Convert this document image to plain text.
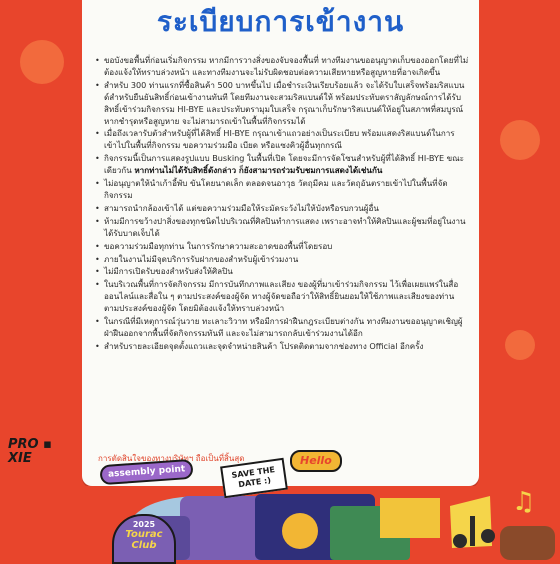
ระเบียบการเข้างาน
• ขอบังขอพื้นที่ก่อนเริ่มกิจกรรม หากมีการวางสิ่งของจับจองพื้นที่ ทางทีมงานขออนุญาตเก็บของออกโดยที่ไม่ต้องแจ้งให้ทราบล่วงหน้า และทางทีมงานจะไม่รับผิดชอบต่อความเสียหายหรือสูญหายที่อาจเกิดขึ้น
• สำหรับ 300 ท่านแรกที่ซื้อสินค้า 500 บาทขึ้นไป เมื่อชำระเงินเรียบร้อยแล้ว จะได้รับใบเสร็จพร้อมริสแบนด์สำหรับยืนยันสิทธิ์ก่อนเข้างานทันที โดยทีมงานจะสวมริสแบนด์ให้ พร้อมประทับตราสัญลักษณ์การได้รับสิทธิ์เข้าร่วมกิจกรรม HI-BYE และประทับตรามุมใบเสร็จ กรุณาเก็บรักษาริสแบนด์ให้อยู่ในสภาพที่สมบูรณ์ หากชำรุดหรือสูญหาย จะไม่สามารถเข้าในพื้นที่กิจกรรมได้
• เมื่อถึงเวลารับตัวสำหรับผู้ที่ได้สิทธิ์ HI-BYE กรุณาเข้าแถวอย่างเป็นระเบียบ พร้อมแสดงริสแบนด์ในการเข้าไปในพื้นที่กิจกรรม ขอความร่วมมือ เบียด หรือแซงคิวผู้อื่นทุกกรณี
• กิจกรรมนี้เป็นการแสดงรูปแบบ Busking ในพื้นที่เปิด โดยจะมีการจัดโซนสำหรับผู้ที่ได้สิทธิ์ HI-BYE ขณะเดียวกัน หากท่านไม่ได้รับสิทธิ์ดังกล่าว ก็ยังสามารถร่วมรับชมการแสดงได้เช่นกัน
• ไม่อนุญาตให้นำเก้าอี้พับ ขันโตยนาดเล็ก ตลอดจนอาวุธ วัตถุมีคม และวัตถุอันตรายเข้าไปในพื้นที่จัดกิจกรรม
• สามารถนำกล้องเข้าได้ แต่ขอความร่วมมือให้ระมัดระวังไม่ให้บังหรือรบกวนผู้อื่น
• ห้ามมีการขว้างปาสิ่งของทุกชนิดไปบริเวณที่ศิลปินทำการแสดง เพราะอาจทำให้ศิลปินและผู้ชมที่อยู่ในงาน ได้รับบาดเจ็บได้
• ขอความร่วมมือทุกท่าน ในการรักษาความสะอาดของพื้นที่โดยรอบ
• ภายในงานไม่มีจุดบริการรับฝากของสำหรับผู้เข้าร่วมงาน
• ไม่มีการเปิดรับของสำหรับส่งให้ศิลปิน
• ในบริเวณพื้นที่การจัดกิจกรรม มีการบันทึกภาพและเสียง ของผู้ที่มาเข้าร่วมกิจกรรม ไว้เพื่อเผยแพร่ในสื่อออนไลน์และสื่อใน ๆ ตามประสงค์ของผู้จัด ทางผู้จัดขอถือว่าให้สิทธิ์ยินยอมให้ใช้ภาพและเสียงของท่านตามประสงค์ของผู้จัด โดยมิต้องแจ้งให้ทราบล่วงหน้า
• ในกรณีที่มีเหตุการณ์วุ่นวาย ทะเลาะวิวาท หรือมีการฝ่าฝืนกฎระเบียบต่างกัน ทางทีมงานขออนุญาตเชิญผู้ฝ่าฝืนออกจากพื้นที่จัดกิจกรรมทันที และจะไม่สามารถกลับเข้าร่วมงานได้อีก
• สำหรับรายละเอียดจุดตั้งแถวและจุดจำหน่ายสินค้า โปรดติดตามจากช่องทาง Official อีกครั้ง
การตัดสินใจของทางบริษัทฯ ถือเป็นที่สิ้นสุด
PRO ▪ XIE
assembly point	SAVE THE DATE :)
Hello
2025
Tourac Club
♫
